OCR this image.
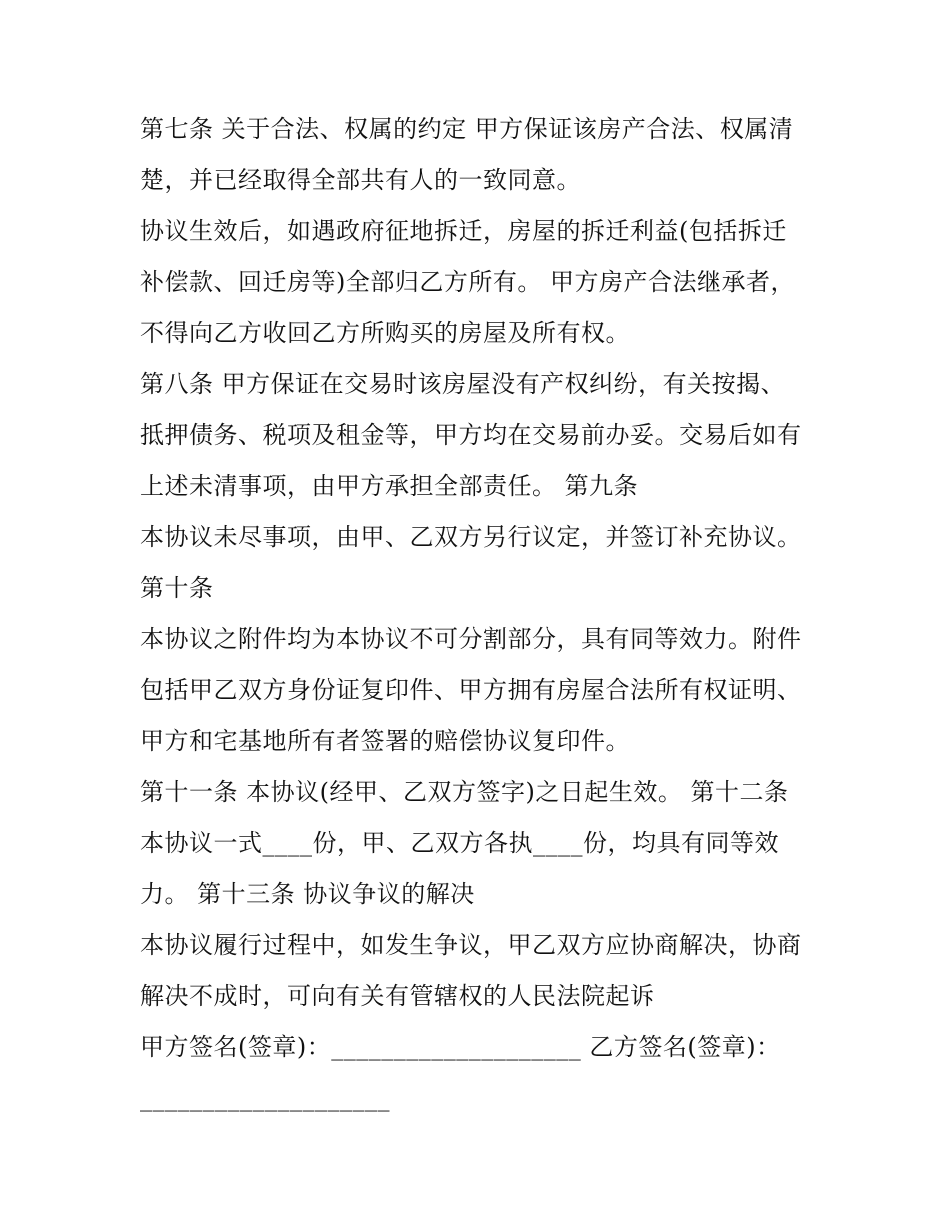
第七条 关于合法、权属的约定 甲方保证该房产合法、权属清
楚，并已经取得全部共有人的一致同意。
协议生效后，如遇政府征地拆迁，房屋的拆迁利益(包括拆迁
补偿款、回迁房等)全部归乙方所有。 甲方房产合法继承者，
不得向乙方收回乙方所购买的房屋及所有权。
第八条 甲方保证在交易时该房屋没有产权纠纷，有关按揭、
抵押债务、税项及租金等，甲方均在交易前办妥。交易后如有
上述未清事项，由甲方承担全部责任。 第九条
本协议未尽事项，由甲、乙双方另行议定，并签订补充协议。
第十条
本协议之附件均为本协议不可分割部分，具有同等效力。附件
包括甲乙双方身份证复印件、甲方拥有房屋合法所有权证明、
甲方和宅基地所有者签署的赔偿协议复印件。
第十一条 本协议(经甲、乙双方签字)之日起生效。 第十二条
本协议一式____份，甲、乙双方各执____份，均具有同等效
力。 第十三条 协议争议的解决
本协议履行过程中，如发生争议，甲乙双方应协商解决，协商
解决不成时，可向有关有管辖权的人民法院起诉
甲方签名(签章)：____________________ 乙方签名(签章)：
____________________
